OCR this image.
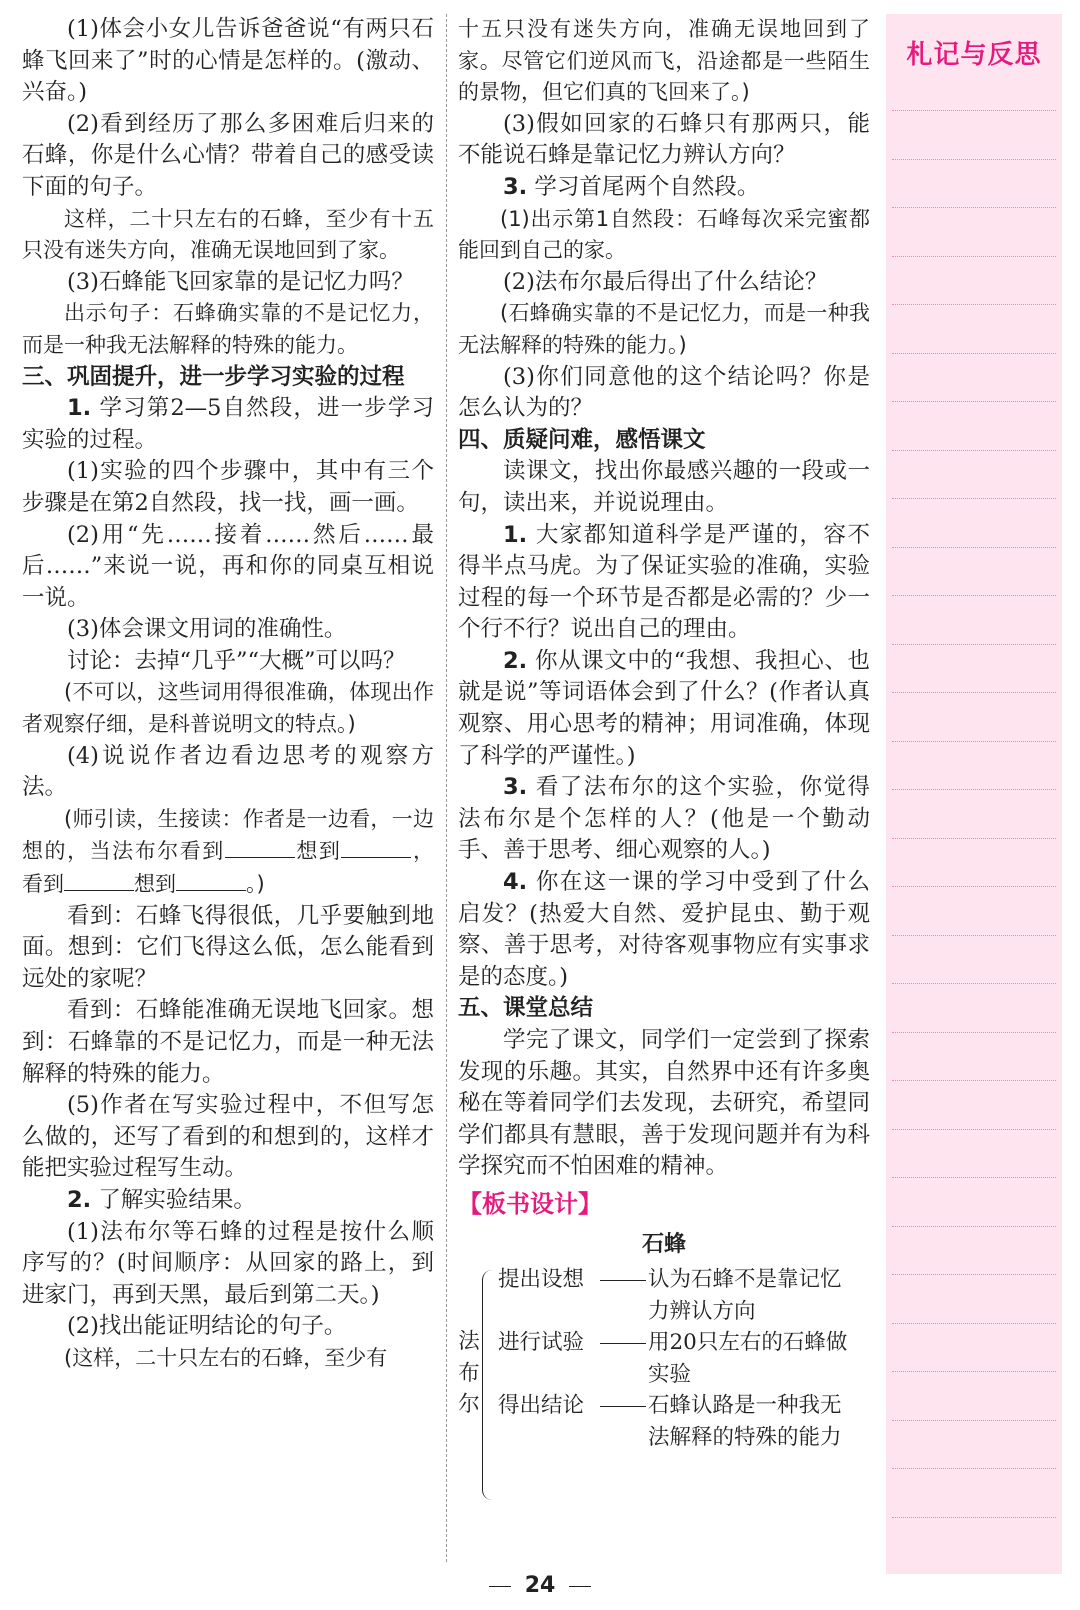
(1)体会小女儿告诉爸爸说“有两只石蜂飞回来了”时的心情是怎样的。(激动、兴奋。)

(2)看到经历了那么多困难后归来的石蜂，你是什么心情？带着自己的感受读下面的句子。

这样，二十只左右的石蜂，至少有十五只没有迷失方向，准确无误地回到了家。

(3)石蜂能飞回家靠的是记忆力吗？

出示句子：石蜂确实靠的不是记忆力，而是一种我无法解释的特殊的能力。

三、巩固提升，进一步学习实验的过程

1. 学习第2—5自然段，进一步学习实验的过程。

(1)实验的四个步骤中，其中有三个步骤是在第2自然段，找一找，画一画。

(2)用“先……接着……然后……最后……”来说一说，再和你的同桌互相说一说。

(3)体会课文用词的准确性。

讨论：去掉“几乎”“大概”可以吗？

(不可以，这些词用得很准确，体现出作者观察仔细，是科普说明文的特点。)

(4)说说作者边看边思考的观察方法。

(师引读，生接读：作者是一边看，一边想的，当法布尔看到	想到	，看到	想到	。)

看到：石蜂飞得很低，几乎要触到地面。想到：它们飞得这么低，怎么能看到远处的家呢？

看到：石蜂能准确无误地飞回家。想到：石蜂靠的不是记忆力，而是一种无法解释的特殊的能力。

(5)作者在写实验过程中，不但写怎么做的，还写了看到的和想到的，这样才能把实验过程写生动。

2. 了解实验结果。

(1)法布尔等石蜂的过程是按什么顺序写的？(时间顺序：从回家的路上，到进家门，再到天黑，最后到第二天。)

(2)找出能证明结论的句子。

(这样，二十只左右的石蜂，至少有

十五只没有迷失方向，准确无误地回到了家。尽管它们逆风而飞，沿途都是一些陌生的景物，但它们真的飞回来了。)

(3)假如回家的石蜂只有那两只，能不能说石蜂是靠记忆力辨认方向？

3. 学习首尾两个自然段。

(1)出示第1自然段：石峰每次采完蜜都能回到自己的家。

(2)法布尔最后得出了什么结论？

(石蜂确实靠的不是记忆力，而是一种我无法解释的特殊的能力。)

(3)你们同意他的这个结论吗？你是怎么认为的？

四、质疑问难，感悟课文

读课文，找出你最感兴趣的一段或一句，读出来，并说说理由。

1. 大家都知道科学是严谨的，容不得半点马虎。为了保证实验的准确，实验过程的每一个环节是否都是必需的？少一个行不行？说出自己的理由。

2. 你从课文中的“我想、我担心、也就是说”等词语体会到了什么？(作者认真观察、用心思考的精神；用词准确，体现了科学的严谨性。)

3. 看了法布尔的这个实验，你觉得法布尔是个怎样的人？(他是一个勤动手、善于思考、细心观察的人。)

4. 你在这一课的学习中受到了什么启发？(热爱大自然、爱护昆虫、勤于观察、善于思考，对待客观事物应有实事求是的态度。)

五、课堂总结

学完了课文，同学们一定尝到了探索发现的乐趣。其实，自然界中还有许多奥秘在等着同学们去发现，去研究，希望同学们都具有慧眼，善于发现问题并有为科学探究而不怕困难的精神。

【板书设计】
石蜂
法
布
尔
提出设想	认为石蜂不是靠记忆力辨认方向
进行试验	用20只左右的石蜂做实验
得出结论	石蜂认路是一种我无法解释的特殊的能力
札记与反思
24
